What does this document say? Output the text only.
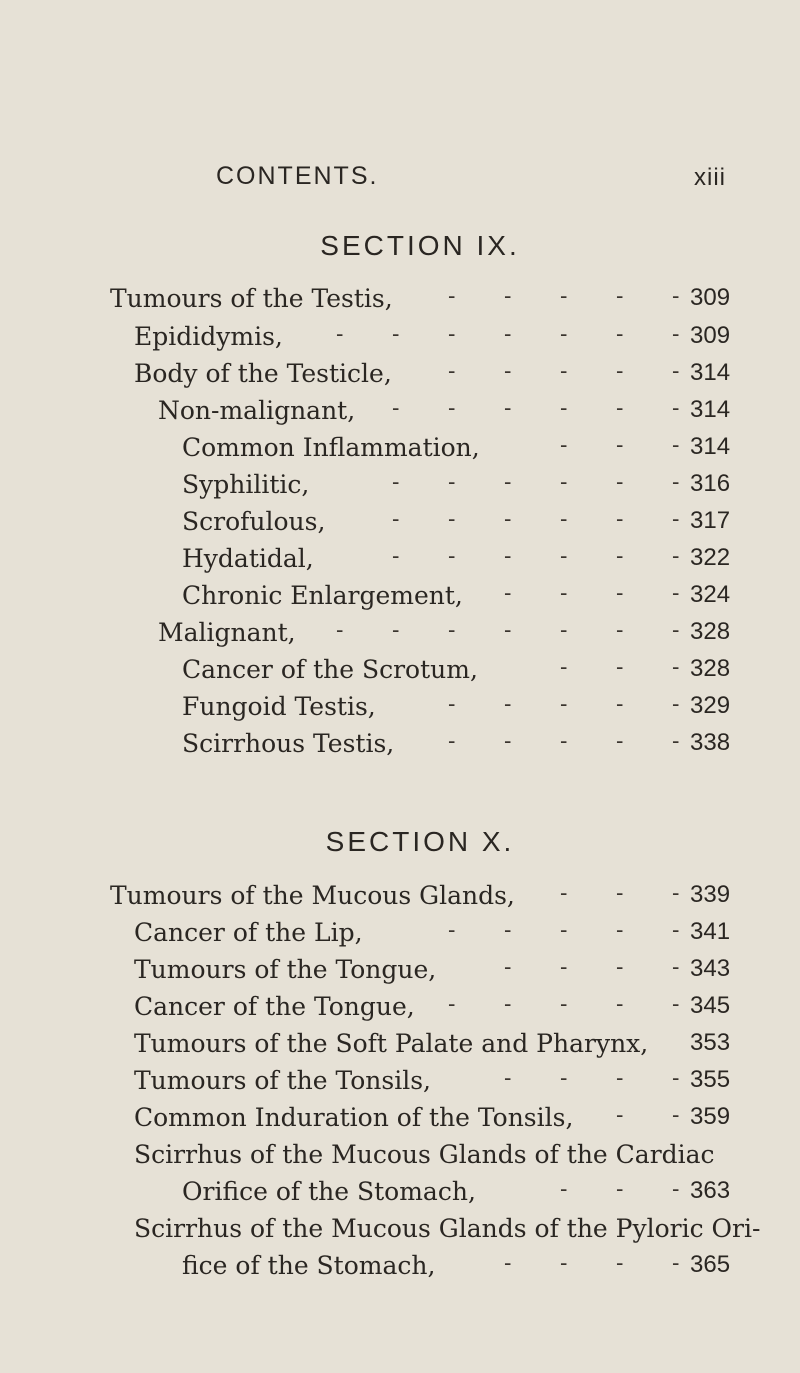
CONTENTS.	xiii
SECTION IX.
Tumours of the Testis,	309
-
-
-
-
-
Epididymis,	309
-
-
-
-
-
-
-
Body of the Testicle,	314
-
-
-
-
-
Non-malignant,	314
-
-
-
-
-
-
Common Inflammation,	314
-
-
-
Syphilitic,	316
-
-
-
-
-
-
Scrofulous,	317
-
-
-
-
-
-
Hydatidal,	322
-
-
-
-
-
-
Chronic Enlargement,	324
-
-
-
-
Malignant,	328
-
-
-
-
-
-
-
Cancer of the Scrotum,	328
-
-
-
Fungoid Testis,	329
-
-
-
-
-
Scirrhous Testis,	338
-
-
-
-
-
SECTION X.
Tumours of the Mucous Glands,	339
-
-
-
Cancer of the Lip,	341
-
-
-
-
-
Tumours of the Tongue,	343
-
-
-
-
Cancer of the Tongue,	345
-
-
-
-
-
Tumours of the Soft Palate and Pharynx, 353
Tumours of the Tonsils,	355
-
-
-
-
Common Induration of the Tonsils,	359
-
-
Scirrhus of the Mucous Glands of the Cardiac
Orifice of the Stomach,	363
-
-
-
Scirrhus of the Mucous Glands of the Pyloric Ori-
fice of the Stomach,	365
-
-
-
-
